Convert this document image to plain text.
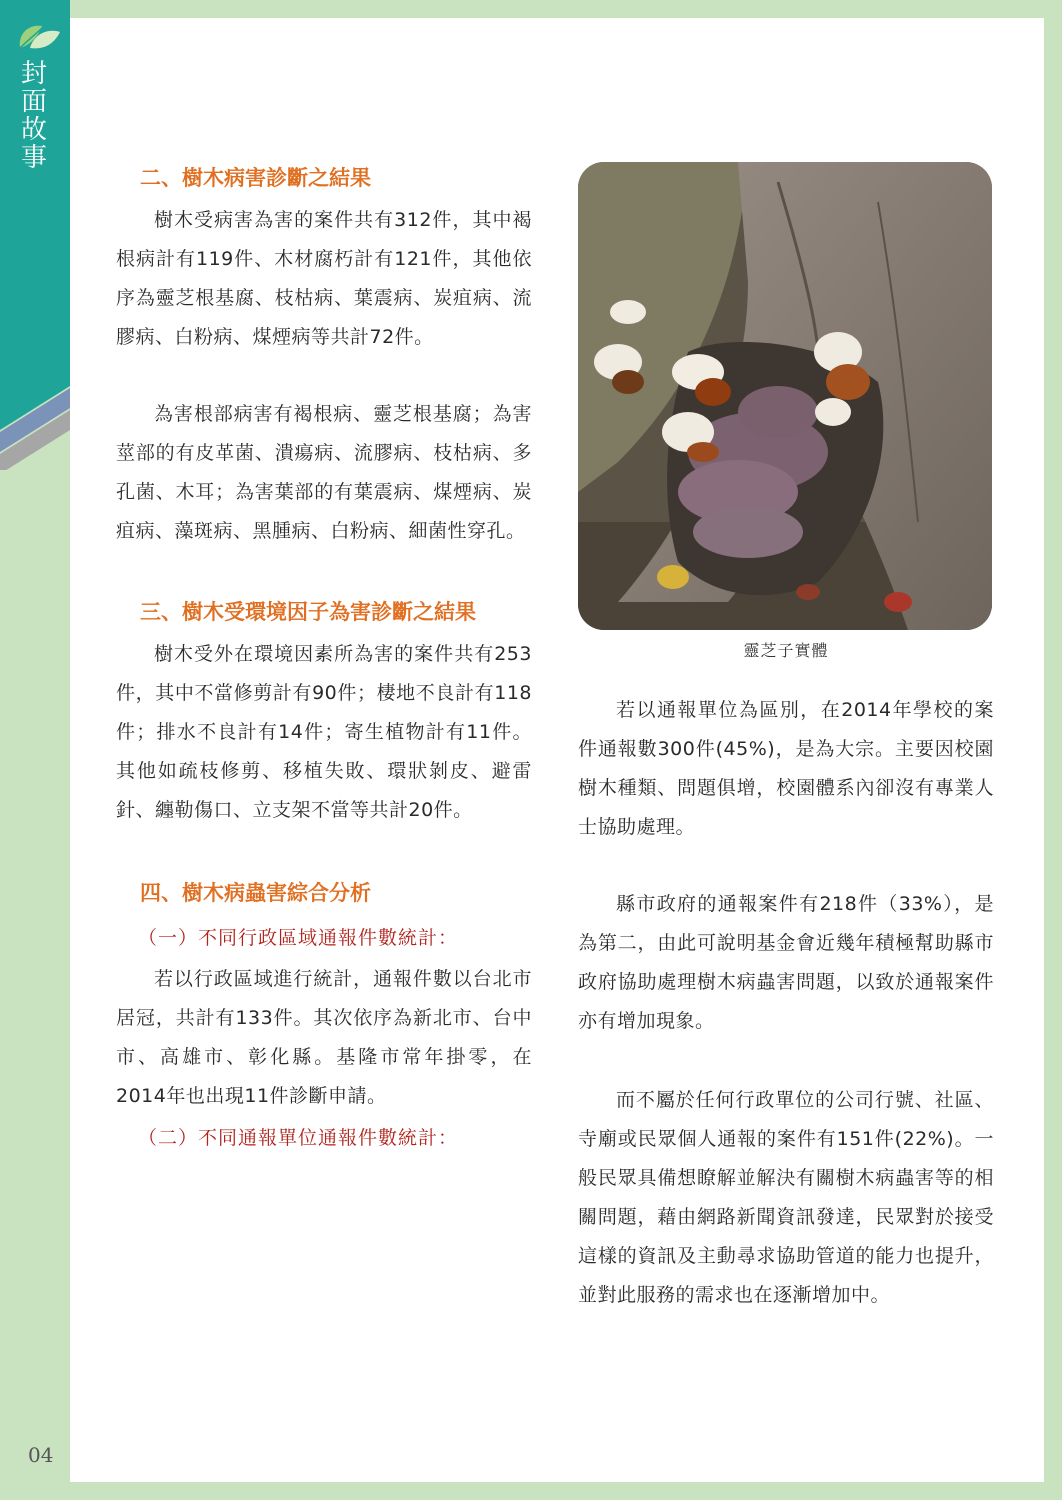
封
面
故
事
二、樹木病害診斷之結果

樹木受病害為害的案件共有312件，其中褐根病計有119件、木材腐朽計有121件，其他依序為靈芝根基腐、枝枯病、葉震病、炭疽病、流膠病、白粉病、煤煙病等共計72件。

為害根部病害有褐根病、靈芝根基腐；為害莖部的有皮革菌、潰瘍病、流膠病、枝枯病、多孔菌、木耳；為害葉部的有葉震病、煤煙病、炭疽病、藻斑病、黑腫病、白粉病、細菌性穿孔。

三、樹木受環境因子為害診斷之結果

樹木受外在環境因素所為害的案件共有253件，其中不當修剪計有90件；棲地不良計有118件；排水不良計有14件；寄生植物計有11件。其他如疏枝修剪、移植失敗、環狀剝皮、避雷針、纏勒傷口、立支架不當等共計20件。

四、樹木病蟲害綜合分析

（一）不同行政區域通報件數統計：

若以行政區域進行統計，通報件數以台北市居冠，共計有133件。其次依序為新北市、台中市、高雄市、彰化縣。基隆市常年掛零，在2014年也出現11件診斷申請。

（二）不同通報單位通報件數統計：

靈芝子實體

若以通報單位為區別，在2014年學校的案件通報數300件(45%)，是為大宗。主要因校園樹木種類、問題俱增，校園體系內卻沒有專業人士協助處理。

縣市政府的通報案件有218件（33%），是為第二，由此可說明基金會近幾年積極幫助縣市政府協助處理樹木病蟲害問題，以致於通報案件亦有增加現象。

而不屬於任何行政單位的公司行號、社區、寺廟或民眾個人通報的案件有151件(22%)。一般民眾具備想瞭解並解決有關樹木病蟲害等的相關問題，藉由網路新聞資訊發達，民眾對於接受這樣的資訊及主動尋求協助管道的能力也提升，並對此服務的需求也在逐漸增加中。

04
